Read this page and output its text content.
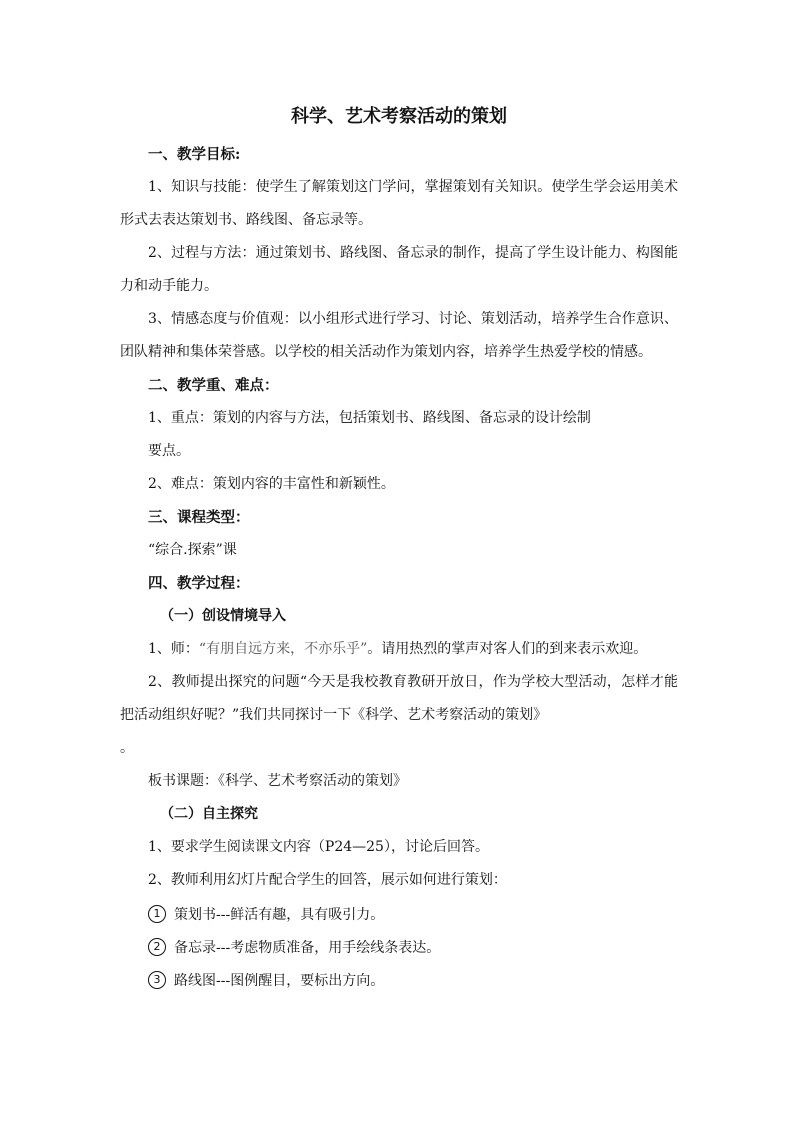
科学、艺术考察活动的策划

一、教学目标:

1、知识与技能：使学生了解策划这门学问，掌握策划有关知识。使学生学会运用美术形式去表达策划书、路线图、备忘录等。

2、过程与方法：通过策划书、路线图、备忘录的制作，提高了学生设计能力、构图能力和动手能力。

3、情感态度与价值观：以小组形式进行学习、讨论、策划活动，培养学生合作意识、团队精神和集体荣誉感。以学校的相关活动作为策划内容，培养学生热爱学校的情感。

二、教学重、难点：

1、重点：策划的内容与方法，包括策划书、路线图、备忘录的设计绘制

要点。

2、难点：策划内容的丰富性和新颖性。

三、课程类型：

“综合.探索”课

四、教学过程：

（一）创设情境导入

1、师：“有朋自远方来，不亦乐乎”。请用热烈的掌声对客人们的到来表示欢迎。

2、教师提出探究的问题“今天是我校教育教研开放日，作为学校大型活动，怎样才能把活动组织好呢？”我们共同探讨一下《科学、艺术考察活动的策划》

。

板书课题：《科学、艺术考察活动的策划》

（二）自主探究

1、要求学生阅读课文内容（P24—25），讨论后回答。

2、教师利用幻灯片配合学生的回答，展示如何进行策划：

1 策划书---鲜活有趣，具有吸引力。
2 备忘录---考虑物质准备，用手绘线条表达。
3 路线图---图例醒目，要标出方向。
